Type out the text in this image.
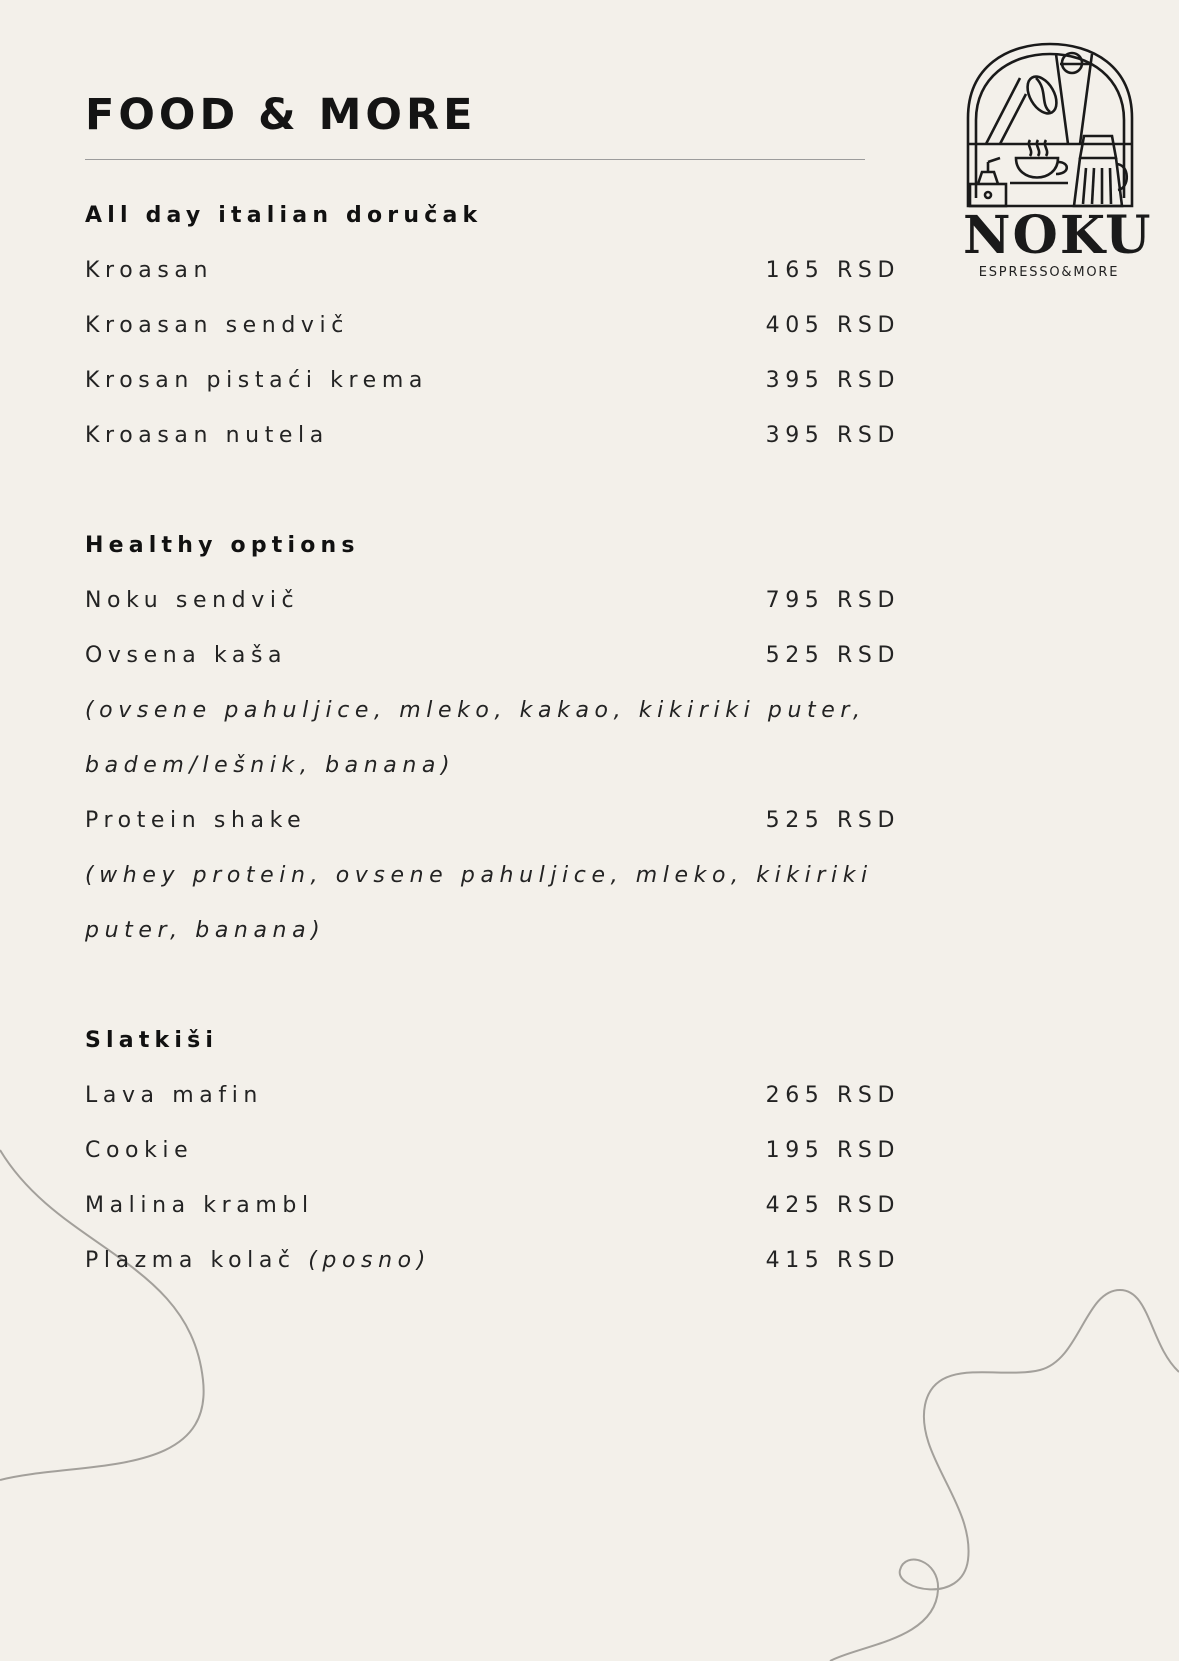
NOKU
ESPRESSO&MORE
FOOD & MORE
All day italian doručak
Kroasan	165 RSD
Kroasan sendvič	405 RSD
Krosan pistaći krema	395 RSD
Kroasan nutela	395 RSD
Healthy options
Noku sendvič	795 RSD
Ovsena kaša	525 RSD
(ovsene pahuljice, mleko, kakao, kikiriki puter,
badem/lešnik, banana)
Protein shake	525 RSD
(whey protein, ovsene pahuljice, mleko, kikiriki
puter, banana)
Slatkiši
Lava mafin	265 RSD
Cookie	195 RSD
Malina krambl	425 RSD
Plazma kolač (posno)	415 RSD
